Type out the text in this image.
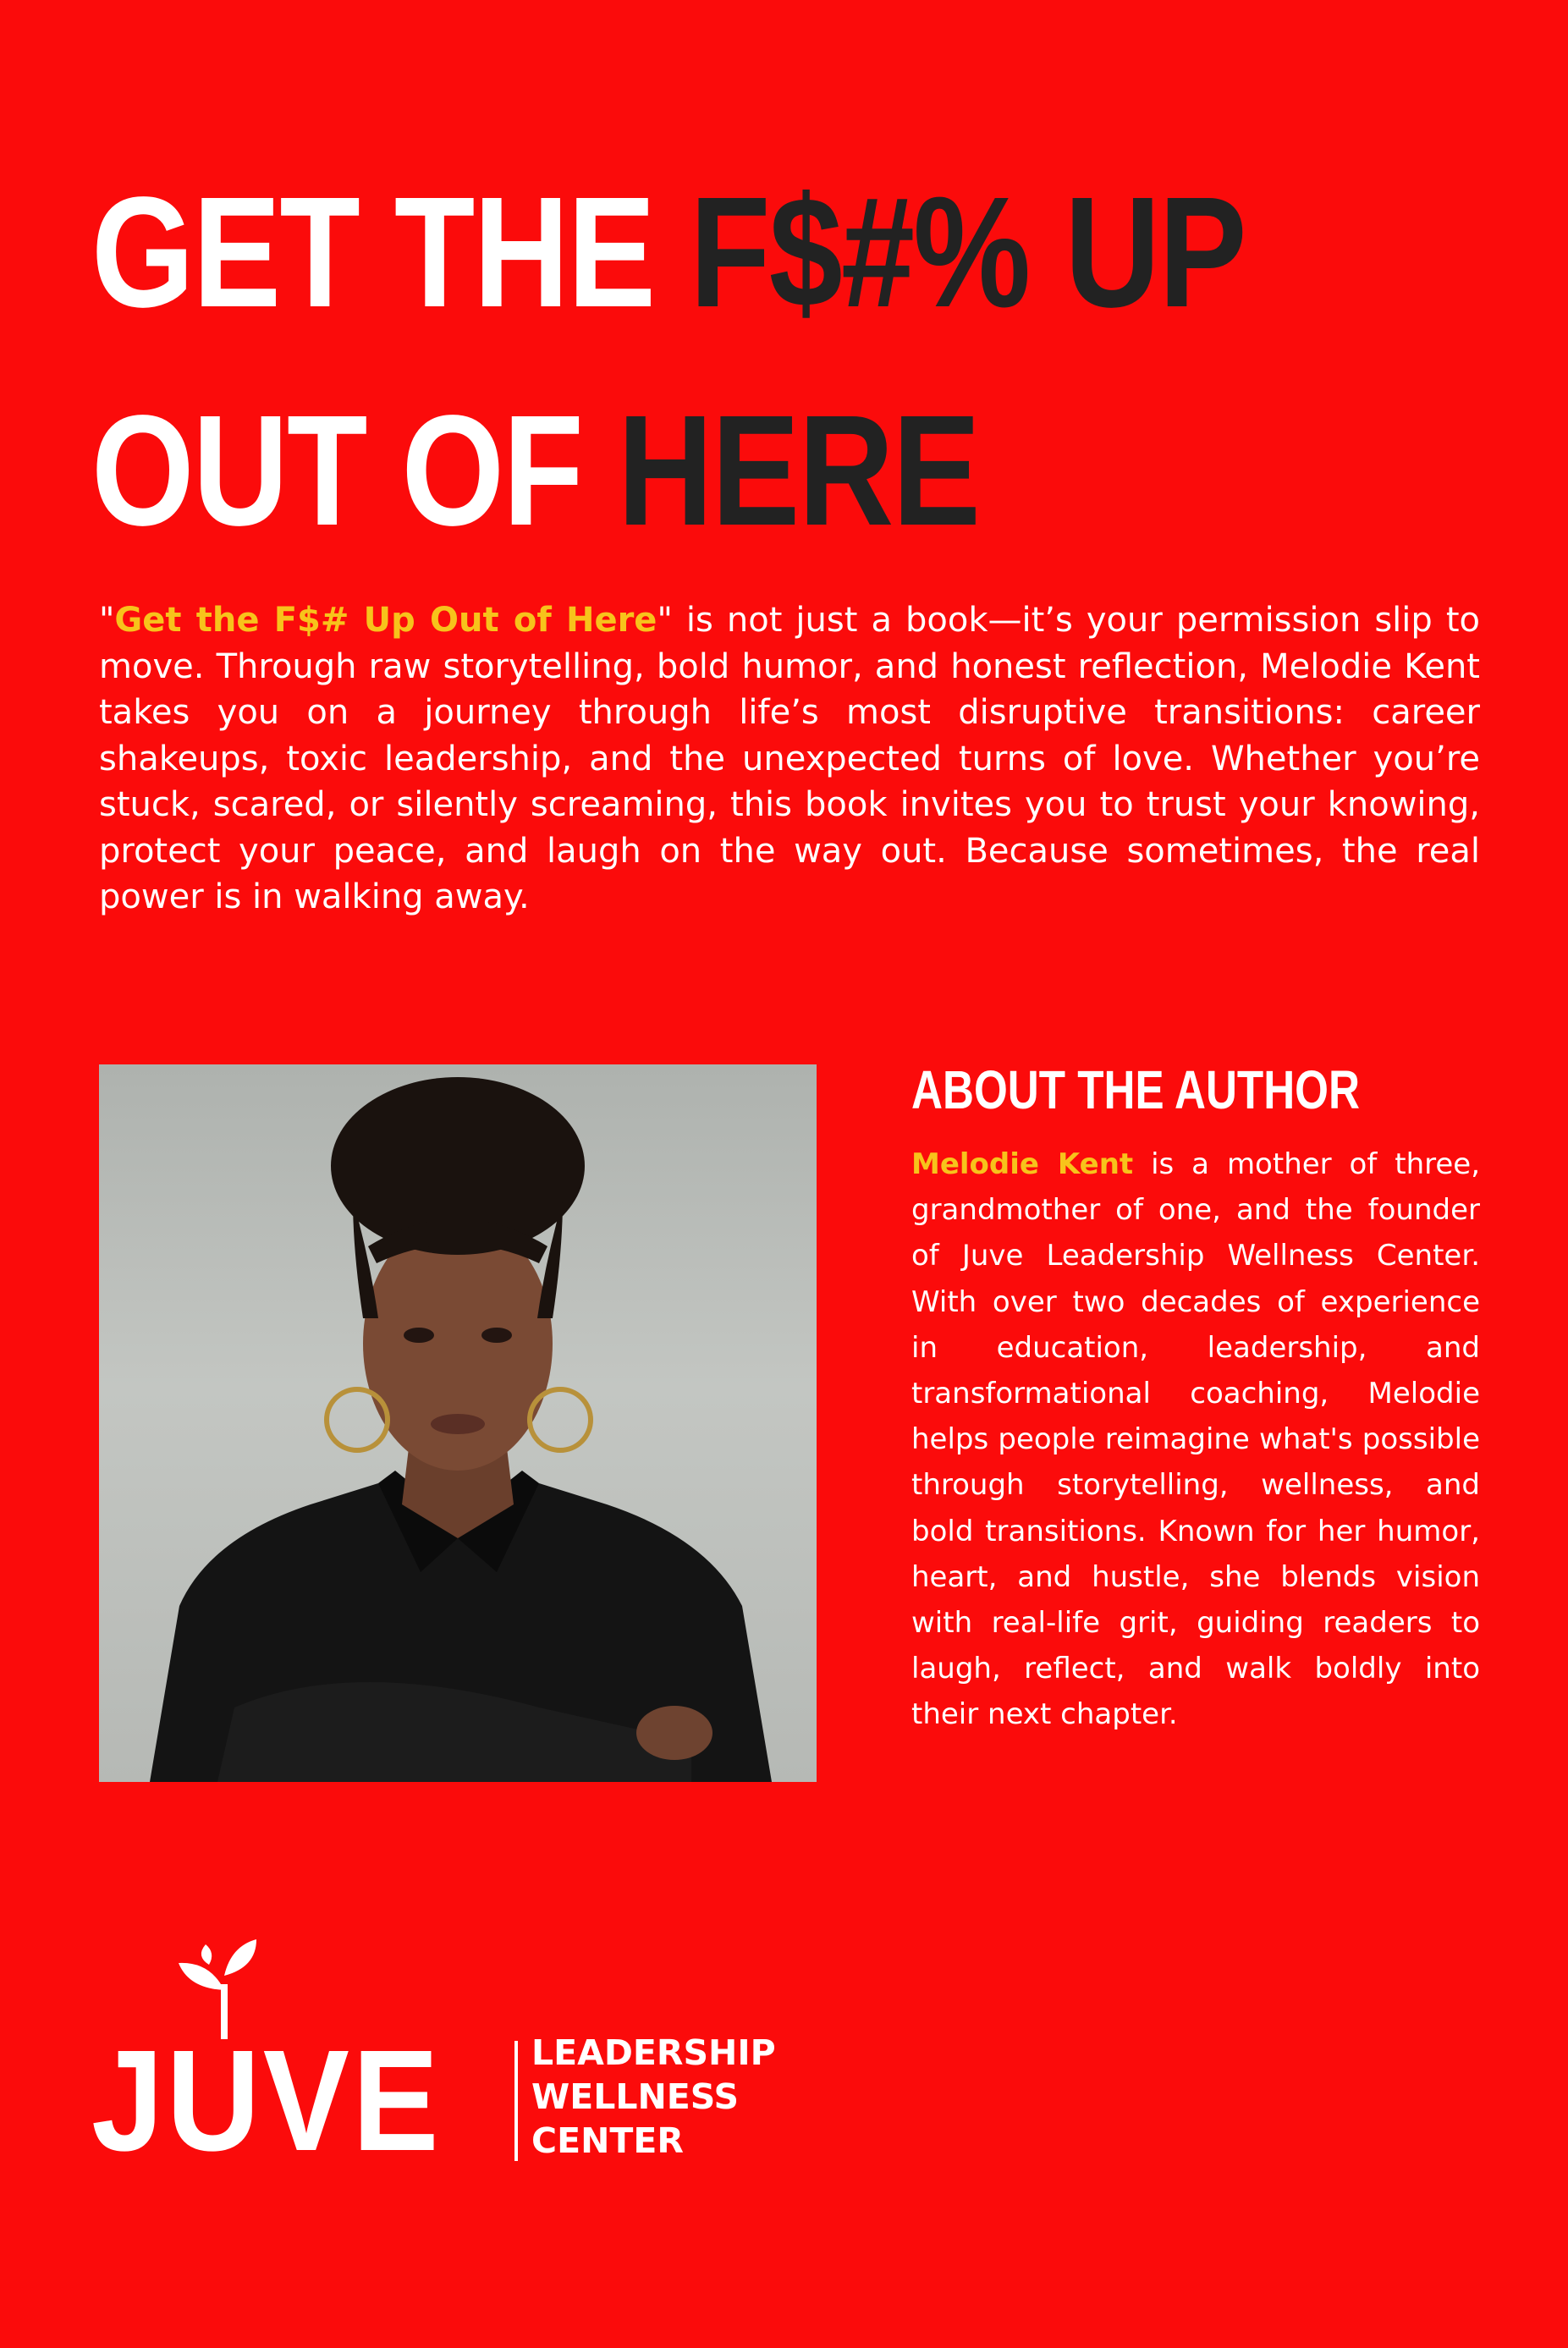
GET THE F$#% UP
OUT OF HERE

"Get the F$# Up Out of Here" is not just a book—it’s your permission slip to move. Through raw storytelling, bold humor, and honest reflection, Melodie Kent takes you on a journey through life’s most disruptive transitions: career shakeups, toxic leadership, and the unexpected turns of love. Whether you’re stuck, scared, or silently screaming, this book invites you to trust your knowing, protect your peace, and laugh on the way out. Because sometimes, the real power is in walking away.

ABOUT THE AUTHOR

Melodie Kent is a mother of three, grandmother of one, and the founder of Juve Leadership Wellness Center. With over two decades of experience in education, leadership, and transformational coaching, Melodie helps people reimagine what's possible through storytelling, wellness, and bold transitions. Known for her humor, heart, and hustle, she blends vision with real-life grit, guiding readers to laugh, reflect, and walk boldly into their next chapter.

JUVE	LEADERSHIP
WELLNESS
CENTER
